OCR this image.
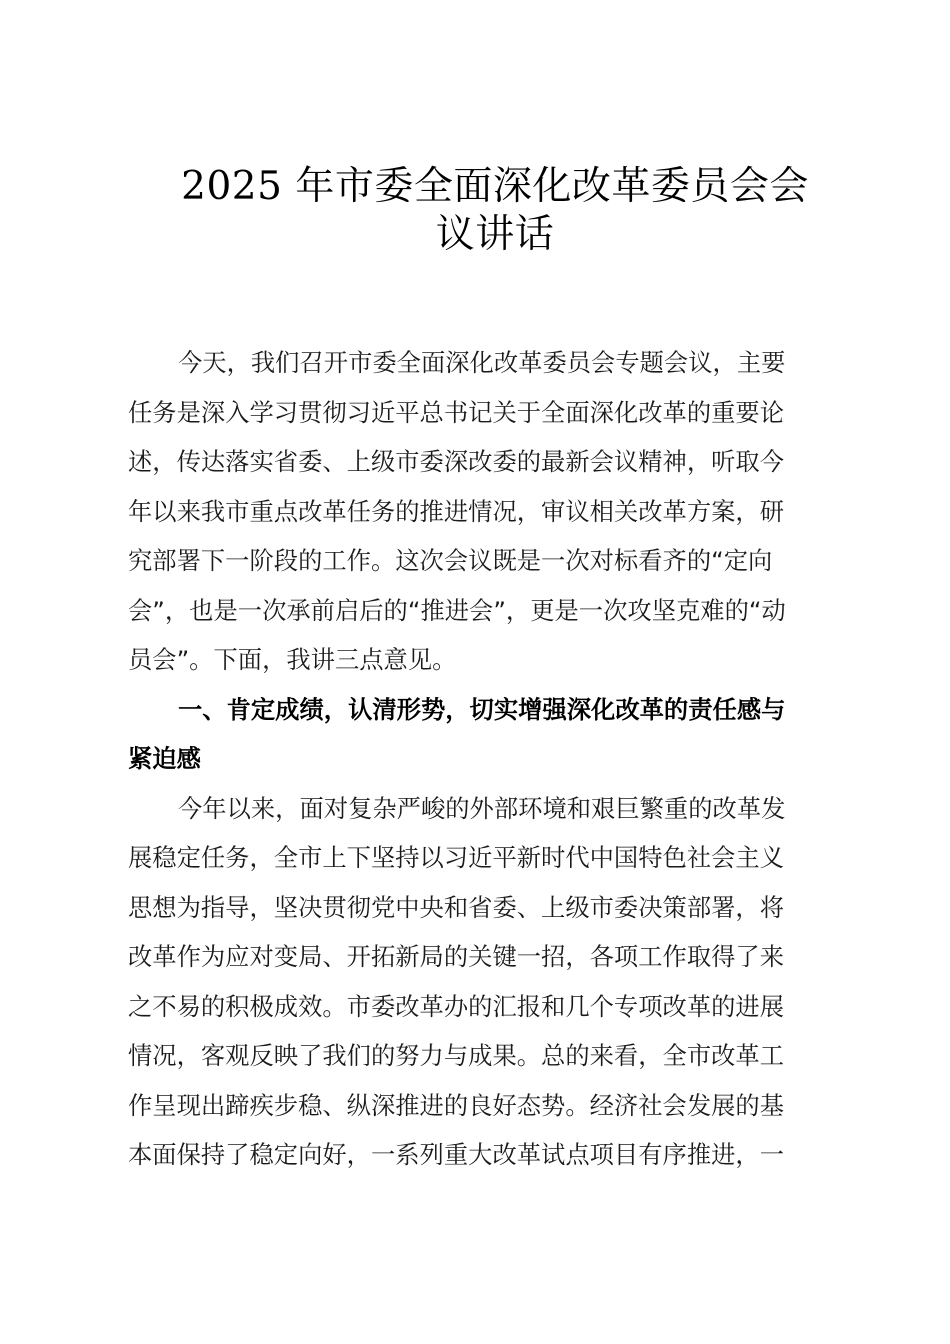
2025 年市委全面深化改革委员会会
议讲话
今天，我们召开市委全面深化改革委员会专题会议，主要
任务是深入学习贯彻习近平总书记关于全面深化改革的重要论
述，传达落实省委、上级市委深改委的最新会议精神，听取今
年以来我市重点改革任务的推进情况，审议相关改革方案，研
究部署下一阶段的工作。这次会议既是一次对标看齐的“定向
会”，也是一次承前启后的“推进会”，更是一次攻坚克难的“动
员会”。下面，我讲三点意见。
一、肯定成绩，认清形势，切实增强深化改革的责任感与
紧迫感
今年以来，面对复杂严峻的外部环境和艰巨繁重的改革发
展稳定任务，全市上下坚持以习近平新时代中国特色社会主义
思想为指导，坚决贯彻党中央和省委、上级市委决策部署，将
改革作为应对变局、开拓新局的关键一招，各项工作取得了来
之不易的积极成效。市委改革办的汇报和几个专项改革的进展
情况，客观反映了我们的努力与成果。总的来看，全市改革工
作呈现出蹄疾步稳、纵深推进的良好态势。经济社会发展的基
本面保持了稳定向好，一系列重大改革试点项目有序推进，一
